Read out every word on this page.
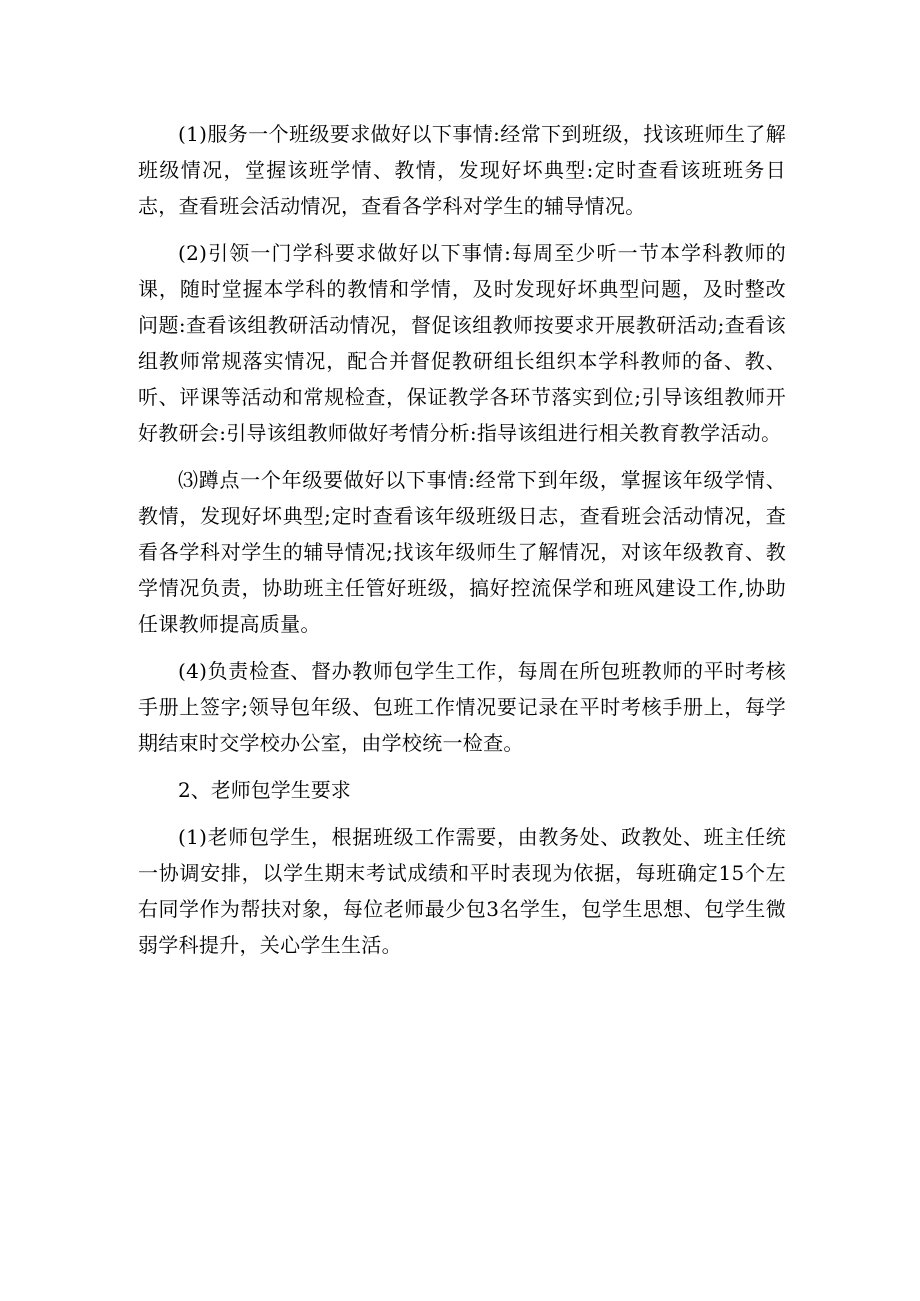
(1)服务一个班级要求做好以下事情:经常下到班级，找该班师生了解班级情况，堂握该班学情、教情，发现好坏典型:定时查看该班班务日志，查看班会活动情况，查看各学科对学生的辅导情况。

(2)引领一门学科要求做好以下事情:每周至少听一节本学科教师的课，随时堂握本学科的教情和学情，及时发现好坏典型问题，及时整改问题:查看该组教研活动情况，督促该组教师按要求开展教研活动;查看该组教师常规落实情况，配合并督促教研组长组织本学科教师的备、教、听、评课等活动和常规检查，保证教学各环节落实到位;引导该组教师开好教研会:引导该组教师做好考情分析:指导该组进行相关教育教学活动。

⑶蹲点一个年级要做好以下事情:经常下到年级，掌握该年级学情、教情，发现好坏典型;定时查看该年级班级日志，查看班会活动情况，查看各学科对学生的辅导情况;找该年级师生了解情况，对该年级教育、教学情况负责，协助班主任管好班级，搞好控流保学和班风建设工作,协助任课教师提高质量。

(4)负责检查、督办教师包学生工作，每周在所包班教师的平时考核手册上签字;领导包年级、包班工作情况要记录在平时考核手册上，每学期结束时交学校办公室，由学校统一检查。

2、老师包学生要求

(1)老师包学生，根据班级工作需要，由教务处、政教处、班主任统一协调安排，以学生期末考试成绩和平时表现为依据，每班确定15个左右同学作为帮扶对象，每位老师最少包3名学生，包学生思想、包学生微弱学科提升，关心学生生活。
